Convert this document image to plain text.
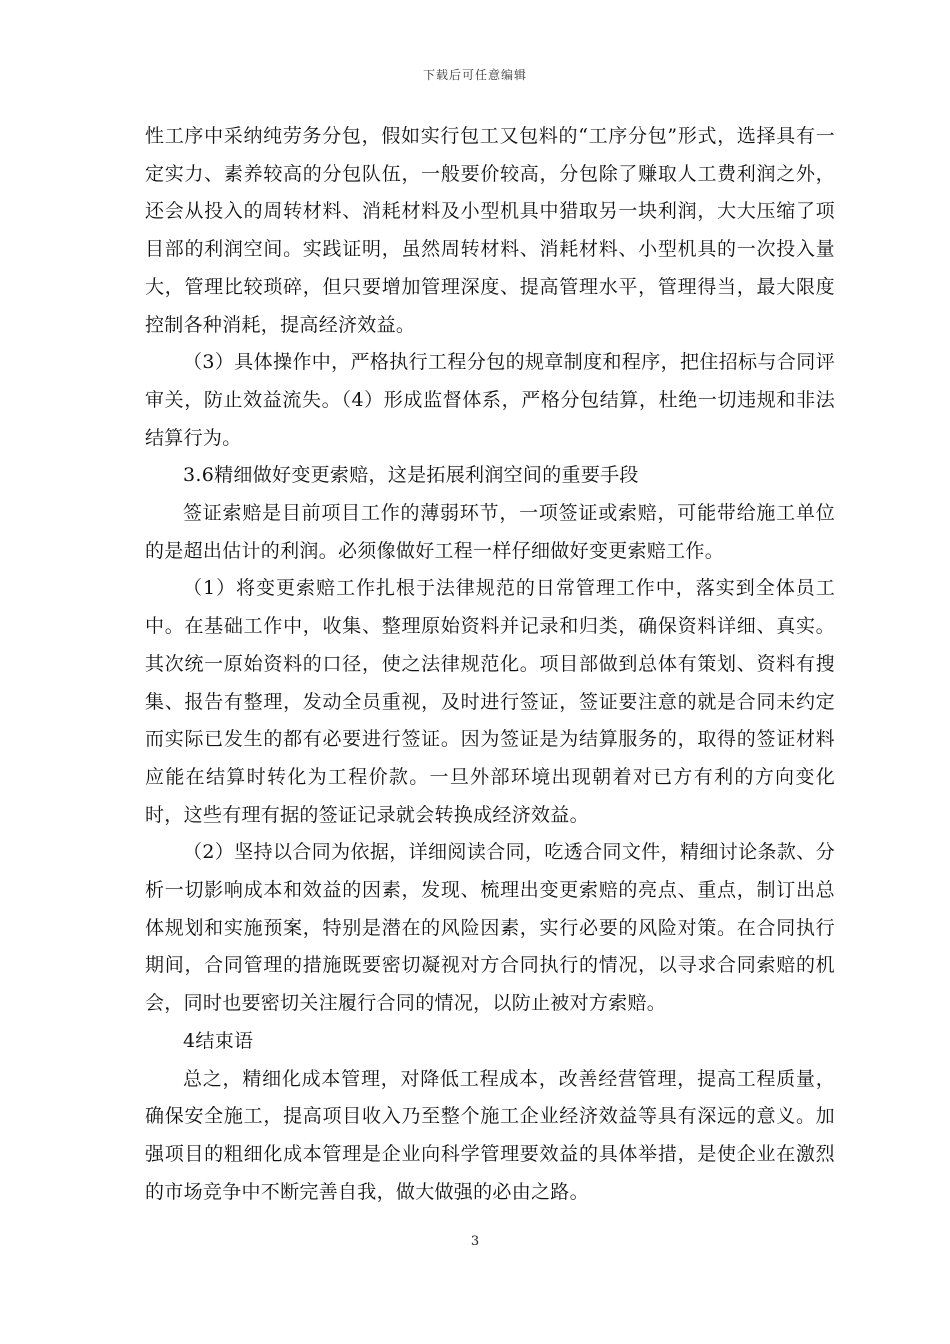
下载后可任意编辑

性工序中采纳纯劳务分包，假如实行包工又包料的“工序分包”形式，选择具有一定实力、素养较高的分包队伍，一般要价较高，分包除了赚取人工费利润之外，还会从投入的周转材料、消耗材料及小型机具中猎取另一块利润，大大压缩了项目部的利润空间。实践证明，虽然周转材料、消耗材料、小型机具的一次投入量大，管理比较琐碎，但只要增加管理深度、提高管理水平，管理得当，最大限度控制各种消耗，提高经济效益。

（3）具体操作中，严格执行工程分包的规章制度和程序，把住招标与合同评审关，防止效益流失。（4）形成监督体系，严格分包结算，杜绝一切违规和非法结算行为。

3.6精细做好变更索赔，这是拓展利润空间的重要手段

签证索赔是目前项目工作的薄弱环节，一项签证或索赔，可能带给施工单位的是超出估计的利润。必须像做好工程一样仔细做好变更索赔工作。

（1）将变更索赔工作扎根于法律规范的日常管理工作中，落实到全体员工中。在基础工作中，收集、整理原始资料并记录和归类，确保资料详细、真实。其次统一原始资料的口径，使之法律规范化。项目部做到总体有策划、资料有搜集、报告有整理，发动全员重视，及时进行签证，签证要注意的就是合同未约定而实际已发生的都有必要进行签证。因为签证是为结算服务的，取得的签证材料应能在结算时转化为工程价款。一旦外部环境出现朝着对已方有利的方向变化时，这些有理有据的签证记录就会转换成经济效益。

（2）坚持以合同为依据，详细阅读合同，吃透合同文件，精细讨论条款、分析一切影响成本和效益的因素，发现、梳理出变更索赔的亮点、重点，制订出总体规划和实施预案，特别是潜在的风险因素，实行必要的风险对策。在合同执行期间，合同管理的措施既要密切凝视对方合同执行的情况，以寻求合同索赔的机会，同时也要密切关注履行合同的情况，以防止被对方索赔。

4结束语

总之，精细化成本管理，对降低工程成本，改善经营管理，提高工程质量，确保安全施工，提高项目收入乃至整个施工企业经济效益等具有深远的意义。加强项目的粗细化成本管理是企业向科学管理要效益的具体举措，是使企业在激烈的市场竞争中不断完善自我，做大做强的必由之路。

3
